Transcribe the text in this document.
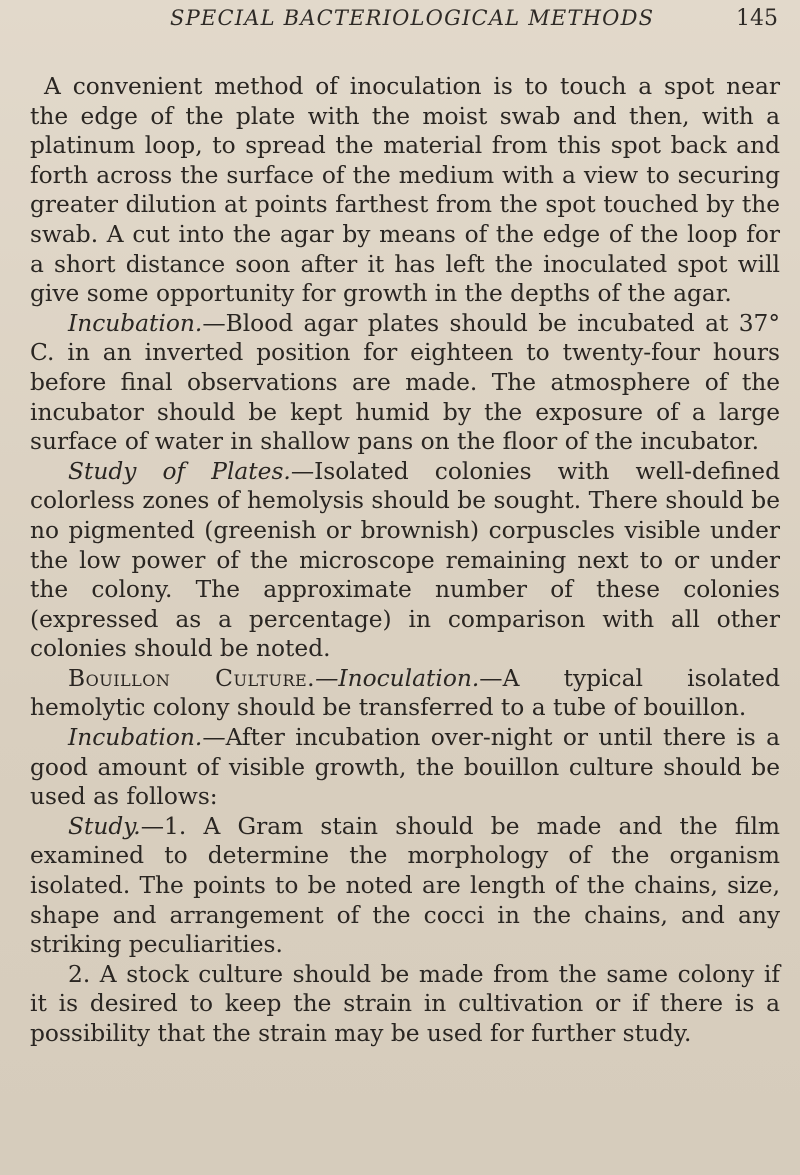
SPECIAL BACTERIOLOGICAL METHODS	145

A convenient method of inoculation is to touch a spot near the edge of the plate with the moist swab and then, with a platinum loop, to spread the material from this spot back and forth across the surface of the medium with a view to securing greater dilution at points farthest from the spot touched by the swab. A cut into the agar by means of the edge of the loop for a short distance soon after it has left the inoculated spot will give some opportunity for growth in the depths of the agar.

Incubation.—Blood agar plates should be incubated at 37° C. in an inverted position for eighteen to twenty-four hours before final observations are made. The atmosphere of the incubator should be kept humid by the exposure of a large surface of water in shallow pans on the floor of the incubator.

Study of Plates.—Isolated colonies with well-defined colorless zones of hemolysis should be sought. There should be no pigmented (greenish or brownish) corpuscles visible under the low power of the microscope remaining next to or under the colony. The approximate number of these colonies (expressed as a percentage) in comparison with all other colonies should be noted.

Bouillon Culture.—Inoculation.—A typical isolated hemolytic colony should be transferred to a tube of bouillon.

Incubation.—After incubation over-night or until there is a good amount of visible growth, the bouillon culture should be used as follows:

Study.—1. A Gram stain should be made and the film examined to determine the morphology of the organism isolated. The points to be noted are length of the chains, size, shape and arrangement of the cocci in the chains, and any striking peculiarities.

2. A stock culture should be made from the same colony if it is desired to keep the strain in cultivation or if there is a possibility that the strain may be used for further study.
